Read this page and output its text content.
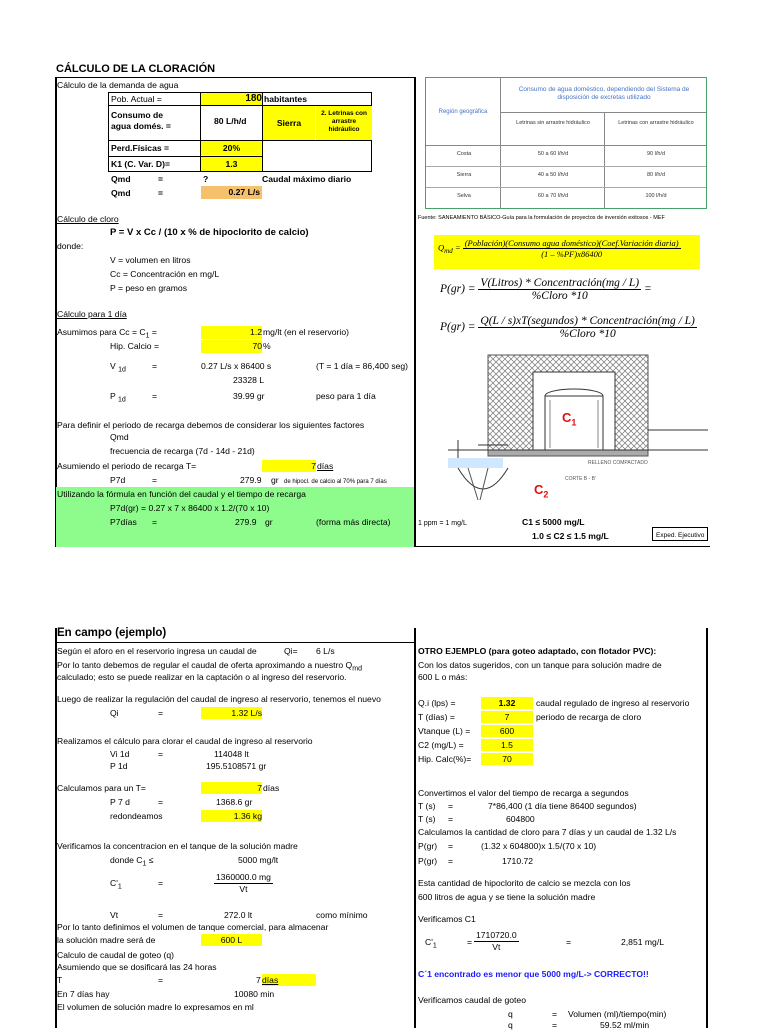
CÁLCULO DE LA CLORACIÓN
Cálculo de la demanda de agua
Pob. Actual =	180 habitantes
Consumo de
agua domés. =	80 L/h/d	Sierra
2. Letrinas con
arrastre
hidráulico
Perd.Físicas =	20%
K1 (C. Var. D)=	1.3
Qmd	=	?	Caudal máximo diario
Qmd	=	0.27 L/s
Cálculo de cloro
P = V x Cc / (10 x % de hipoclorito de calcio)
donde:
V = volumen en litros
Cc = Concentración en mg/L
P = peso en gramos
Cálculo para 1 día
Asumimos para $Cc = C_1$ =	1.2 mg/lt (en el reservorio)
Hip. Calcio =	70 %
V $_{1d}$	=	0.27 L/s x 86400 s	(T = 1 día = 86,400 seg)
23328 L
P $_{1d}$	=	39.99 gr	peso para 1 día
Para definir el periodo de recarga debemos de considerar los siguientes factores
Qmd
frecuencia de recarga (7d - 14d - 21d)
Asumiendo el periodo de recarga T=	7 días
P7d	=	279.9 gr de hipocl. de calcio al 70% para 7 días
Utilizando la fórmula en función del caudal y el tiempo de recarga
P7d(gr) = 0.27 x 7 x 86400 x 1.2/(70 x 10)
P7días =	279.9 gr	(forma más directa)
Región geográfica
Consumo de agua doméstico, dependiendo del Sistema de disposición de excretas utilizado
Letrinas sin arrastre hidráulico	Letrinas con arrastre hidráulico
Costa	50 a 60 l/h/d	90 l/h/d
Sierra	40 a 50 l/h/d	80 l/h/d
Selva	60 a 70 l/h/d	100 l/h/d
Fuente: SANEAMIENTO BÁSICO-Guía para la formulación de proyectos de inversión exitosos - MEF
$Q_{md} = \frac{\text{(Población)(Consumo agua doméstico)(Coef.Variación diaria)}}{(1 - \%PF)x86400}$
$P(gr) = \frac{\text{V(Litros) * Concentración(mg / L)}}{\text{\%Cloro *10}}$ =
$P(gr) = \frac{\text{Q(L / s)xT(segundos) * Concentración(mg / L)}}{\text{\%Cloro *10}}$
$C_1$
$C_2$
CORTE B - B'
RELLENO COMPACTADO
1 ppm = 1 mg/L	C1 ≤ 5000 mg/L
1.0 ≤ C2 ≤ 1.5 mg/L	Exped. Ejecutivo
En campo (ejemplo)
Según el aforo en el reservorio ingresa un caudal de	Qi= 6 L/s
Por lo tanto debemos de regular el caudal de oferta aproximando a nuestro $Q_{md}$
calculado; esto se puede realizar en la captación o al ingreso del reservorio.
Luego de realizar la regulación del caudal de ingreso al reservorio, tenemos el nuevo
Qi	=	1.32 L/s
Realizamos el cálculo para clorar el caudal de ingreso al reservorio
Vi 1d	=	114048 lt
P 1d	195.5108571 gr
Calculamos para un T=	7 días
P 7 d	=	1368.6 gr
redondeamos	1.36 kg
Verificamos la concentracion en el tanque de la solución madre
donde $C_1$ ≤	5000 mg/lt
$C'_1$	=	$\frac{1360000.0 mg}{Vt}$
Vt	=	272.0 lt	como mínimo
Por lo tanto definimos el volumen de tanque comercial, para almacenar
la solución madre será de	600 L
Calculo de caudal de goteo (q)
Asumiendo que se dosificará las 24 horas
T	=	7 días
En 7 días hay	10080 min
El volumen de solución madre lo expresamos en ml
OTRO EJEMPLO (para goteo adaptado, con flotador PVC):
Con los datos sugeridos, con un tanque para solución madre de
600 L o más:
Q.i (lps) =	1.32	caudal regulado de ingreso al reservorio
T (días) =	7	periodo de recarga de cloro
Vtanque (L) =	600
C2 (mg/L) =	1.5
Hip. Calc(%)=	70
Convertimos el valor del tiempo de recarga a segundos
T (s) =	7*86,400 (1 día tiene 86400 segundos)
T (s) =	604800
Calculamos la cantidad de cloro para 7 días y un caudal de 1.32 L/s
P(gr) =	(1.32 x 604800)x 1.5/(70 x 10)
P(gr) =	1710.72
Esta cantidad de hipoclorito de calcio se mezcla con los
600 litros de agua y se tiene la solución madre
Verificamos C1
$C'_1$	= $\frac{1710720.0}{Vt}$	=	2,851 mg/L
C´1 encontrado es menor que 5000 mg/L-> CORRECTO!!
Verificamos caudal de goteo
q	= Volumen (ml)/tiempo(min)
q	=	59.52 ml/min
